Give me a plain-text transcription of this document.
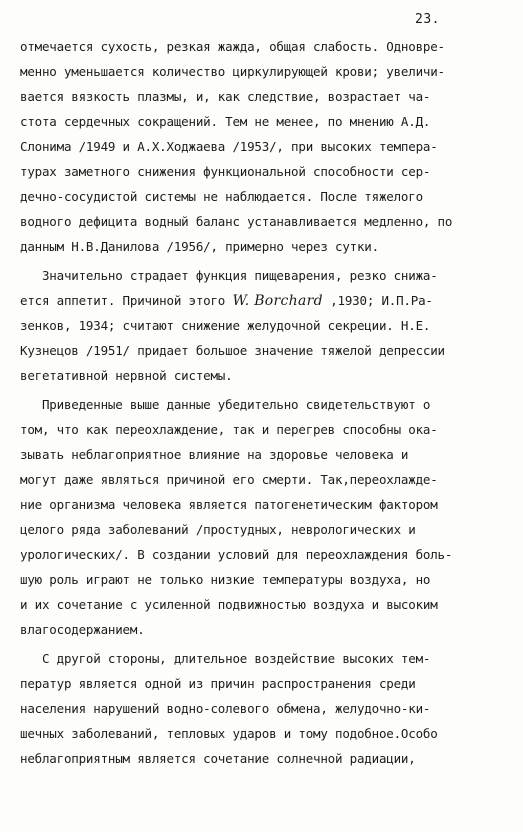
23.
отмечается сухость, резкая жажда, общая слабость. Одновре-
менно уменьшается количество циркулирующей крови; увеличи-
вается вязкость плазмы, и, как следствие, возрастает ча-
стота сердечных сокращений. Тем не менее, по мнению А.Д.
Слонима /1949 и А.Х.Ходжаева /1953/, при высоких темпера-
турах заметного снижения функциональной способности сер-
дечно-сосудистой системы не наблюдается. После тяжелого
водного дефицита водный баланс устанавливается медленно, по
данным Н.В.Данилова /1956/, примерно через сутки.
Значительно страдает функция пищеварения, резко снижа-
ется аппетит. Причиной этого W. Borchard ,1930; И.П.Ра-
зенков, 1934; считают снижение желудочной секреции. Н.Е.
Кузнецов /1951/ придает большое значение тяжелой депрессии
вегетативной нервной системы.
Приведенные выше данные убедительно свидетельствуют о
том, что как переохлаждение, так и перегрев способны ока-
зывать неблагоприятное влияние на здоровье человека и
могут даже являться причиной его смерти. Так,переохлажде-
ние организма человека является патогенетическим фактором
целого ряда заболеваний /простудных, неврологических и
урологических/. В создании условий для переохлаждения боль-
шую роль играют не только низкие температуры воздуха, но
и их сочетание с усиленной подвижностью воздуха и высоким
влагосодержанием.
С другой стороны, длительное воздействие высоких тем-
ператур является одной из причин распространения среди
населения нарушений водно-солевого обмена, желудочно-ки-
шечных заболеваний, тепловых ударов и тому подобное.Особо
неблагоприятным является сочетание солнечной радиации,
